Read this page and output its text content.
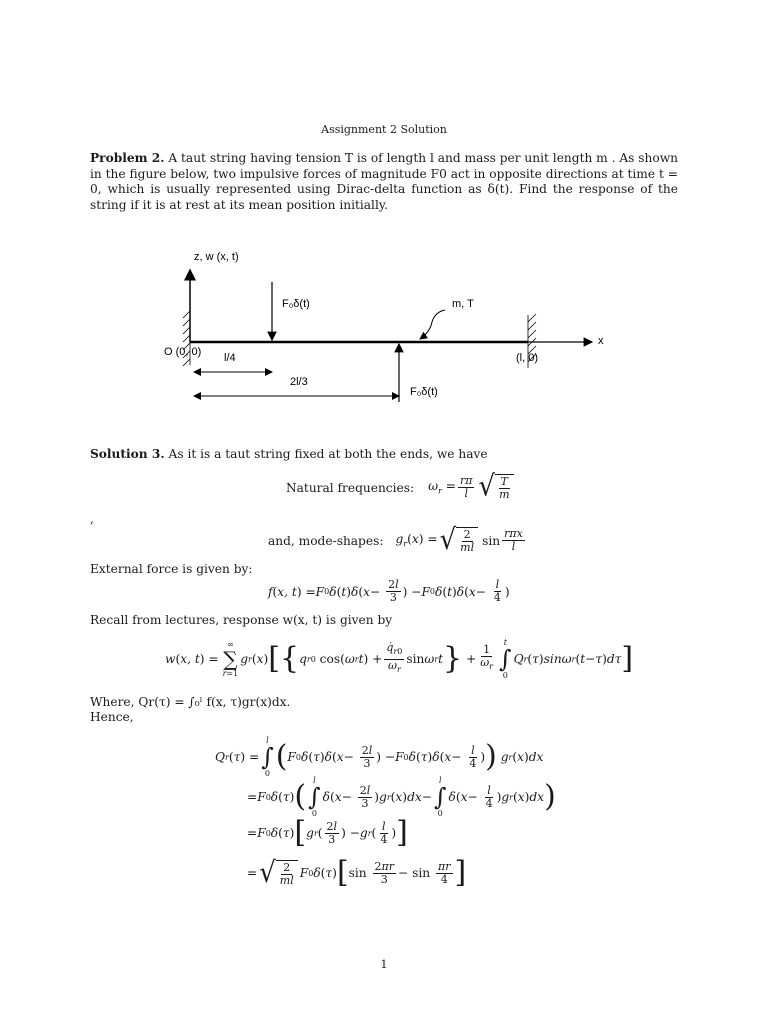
Assignment 2 Solution
Problem 2. A taut string having tension T is of length l and mass per unit length m . As shown in the figure below, two impulsive forces of magnitude F0 act in opposite directions at time t = 0, which is usually represented using Dirac-delta function as δ(t). Find the response of the string if it is at rest at its mean position initially.
z, w (x, t)
x
F₀δ(t)	m, T
F₀δ(t)
O (0, 0)	(l, 0)
l/4
2l/3
Solution 3. As it is a taut string fixed at both the ends, we have
Natural frequencies: $\omega_r = \frac{r\pi}{l}$ √ $\frac{T}{m}$
,
and, mode-shapes: $g_r(x)$ = √ $\frac{2}{ml}$ $\sin \frac{\text{rπx}}{l}$
External force is given by:
f ( x, t ) = F 0 δ ( t ) δ ( $x - \frac{2l}{3}$ ) − F 0 δ ( t ) δ ( $x - \frac{l}{4}$ )
Recall from lectures, response w(x, t) is given by
w ( x, t ) =
∞
∑
r=1
g r ( x ) [ { q r0 cos( ω r t ) + $\frac{q̇_{r0}}{\omega_r}$ sin ω r t } + $\frac{1}{\omega_r}$
t
∫
0
Q r ( τ ) sinω r ( t − τ ) dτ ]
Where, Qr(τ) = ∫₀ˡ f(x, τ)gr(x)dx.
Hence,
Q r ( τ ) =
l
∫
0 ( F 0 δ ( τ ) δ ( $x - \frac{2l}{3}$ ) − F 0 δ ( τ ) δ ( $x - \frac{l}{4}$ ) )
g r ( x ) dx
= F 0 δ ( τ ) ( l
∫
0
δ ( $x - \frac{2l}{3}$ ) g r ( x ) dx −
l
∫
0
δ ( $x - \frac{l}{4}$ ) g r ( x ) dx )
= F 0 δ ( τ ) [ g r ( $\frac{2l}{3}$ ) − g r ( $\frac{l}{4}$ ) ]
= √ $\frac{2}{ml}$ F 0 δ ( τ ) [ $\sin \frac{2\pi r}{3} - \sin \frac{\pi r}{4}$ ]
1
